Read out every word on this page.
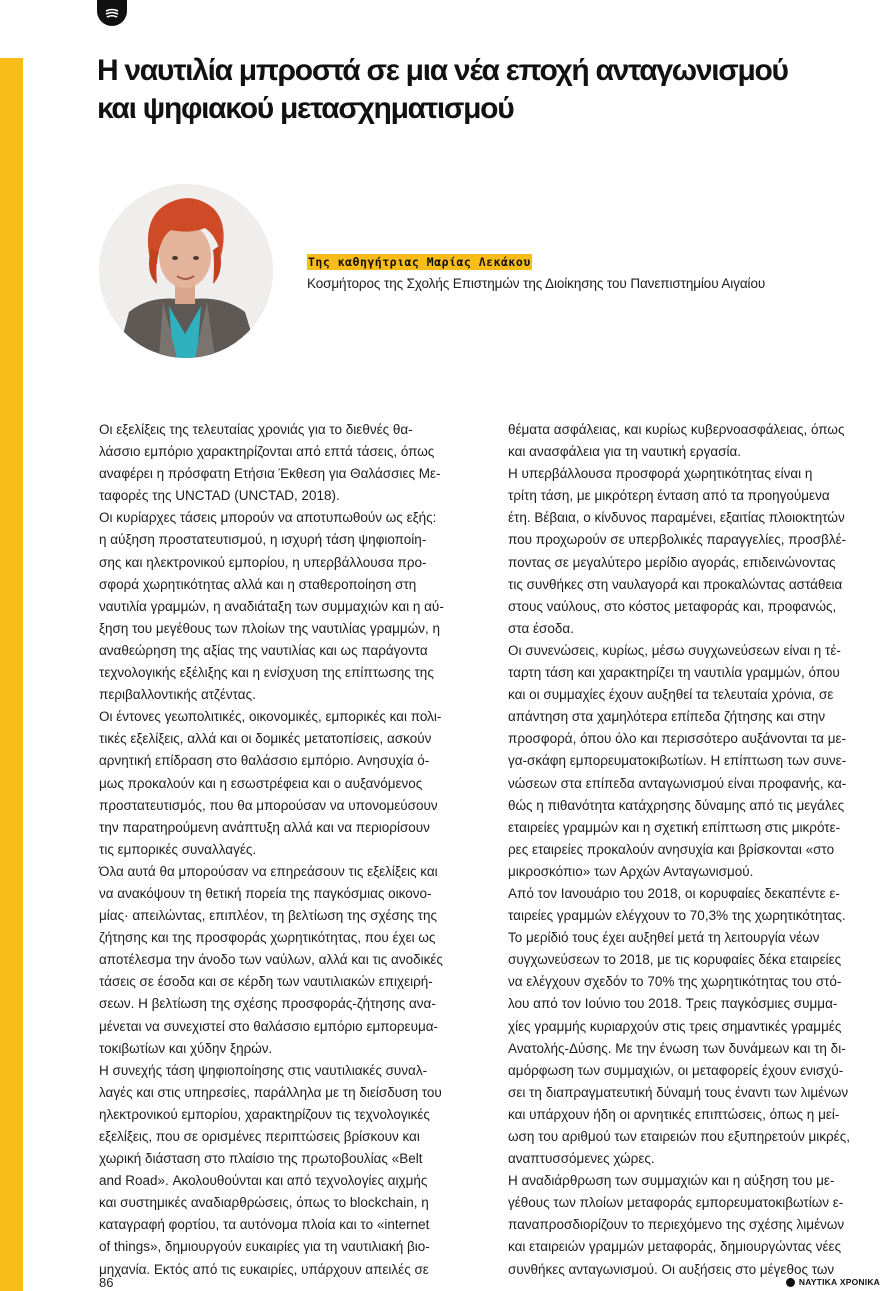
Η ναυτιλία μπροστά σε μια νέα εποχή ανταγωνισμού
και ψηφιακού μετασχηματισμού
Της καθηγήτριας Μαρίας Λεκάκου
Κοσμήτορος της Σχολής Επιστημών της Διοίκησης του Πανεπιστημίου Αιγαίου

Οι εξελίξεις της τελευταίας χρονιάς για το διεθνές θα-
λάσσιο εμπόριο χαρακτηρίζονται από επτά τάσεις, όπως
αναφέρει η πρόσφατη Ετήσια Έκθεση για Θαλάσσιες Με-
ταφορές της UNCTAD (UNCTAD, 2018).

Οι κυρίαρχες τάσεις μπορούν να αποτυπωθούν ως εξής:
η αύξηση προστατευτισμού, η ισχυρή τάση ψηφιοποίη-
σης και ηλεκτρονικού εμπορίου, η υπερβάλλουσα προ-
σφορά χωρητικότητας αλλά και η σταθεροποίηση στη
ναυτιλία γραμμών, η αναδιάταξη των συμμαχιών και η αύ-
ξηση του μεγέθους των πλοίων της ναυτιλίας γραμμών, η
αναθεώρηση της αξίας της ναυτιλίας και ως παράγοντα
τεχνολογικής εξέλιξης και η ενίσχυση της επίπτωσης της
περιβαλλοντικής ατζέντας.

Οι έντονες γεωπολιτικές, οικονομικές, εμπορικές και πολι-
τικές εξελίξεις, αλλά και οι δομικές μετατοπίσεις, ασκούν
αρνητική επίδραση στο θαλάσσιο εμπόριο. Ανησυχία ό-
μως προκαλούν και η εσωστρέφεια και ο αυξανόμενος
προστατευτισμός, που θα μπορούσαν να υπονομεύσουν
την παρατηρούμενη ανάπτυξη αλλά και να περιορίσουν
τις εμπορικές συναλλαγές.

Όλα αυτά θα μπορούσαν να επηρεάσουν τις εξελίξεις και
να ανακόψουν τη θετική πορεία της παγκόσμιας οικονο-
μίας· απειλώντας, επιπλέον, τη βελτίωση της σχέσης της
ζήτησης και της προσφοράς χωρητικότητας, που έχει ως
αποτέλεσμα την άνοδο των ναύλων, αλλά και τις ανοδικές
τάσεις σε έσοδα και σε κέρδη των ναυτιλιακών επιχειρή-
σεων. Η βελτίωση της σχέσης προσφοράς-ζήτησης ανα-
μένεται να συνεχιστεί στο θαλάσσιο εμπόριο εμπορευμα-
τοκιβωτίων και χύδην ξηρών.

Η συνεχής τάση ψηφιοποίησης στις ναυτιλιακές συναλ-
λαγές και στις υπηρεσίες, παράλληλα με τη διείσδυση του
ηλεκτρονικού εμπορίου, χαρακτηρίζουν τις τεχνολογικές
εξελίξεις, που σε ορισμένες περιπτώσεις βρίσκουν και
χωρική διάσταση στο πλαίσιο της πρωτοβουλίας «Belt
and Road». Ακολουθούνται και από τεχνολογίες αιχμής
και συστημικές αναδιαρθρώσεις, όπως το blockchain, η
καταγραφή φορτίου, τα αυτόνομα πλοία και το «internet
of things», δημιουργούν ευκαιρίες για τη ναυτιλιακή βιο-
μηχανία. Εκτός από τις ευκαιρίες, υπάρχουν απειλές σε

θέματα ασφάλειας, και κυρίως κυβερνοασφάλειας, όπως
και ανασφάλεια για τη ναυτική εργασία.

Η υπερβάλλουσα προσφορά χωρητικότητας είναι η
τρίτη τάση, με μικρότερη ένταση από τα προηγούμενα
έτη. Βέβαια, ο κίνδυνος παραμένει, εξαιτίας πλοιοκτητών
που προχωρούν σε υπερβολικές παραγγελίες, προσβλέ-
ποντας σε μεγαλύτερο μερίδιο αγοράς, επιδεινώνοντας
τις συνθήκες στη ναυλαγορά και προκαλώντας αστάθεια
στους ναύλους, στο κόστος μεταφοράς και, προφανώς,
στα έσοδα.

Οι συνενώσεις, κυρίως, μέσω συγχωνεύσεων είναι η τέ-
ταρτη τάση και χαρακτηρίζει τη ναυτιλία γραμμών, όπου
και οι συμμαχίες έχουν αυξηθεί τα τελευταία χρόνια, σε
απάντηση στα χαμηλότερα επίπεδα ζήτησης και στην
προσφορά, όπου όλο και περισσότερο αυξάνονται τα με-
γα-σκάφη εμπορευματοκιβωτίων. Η επίπτωση των συνε-
νώσεων στα επίπεδα ανταγωνισμού είναι προφανής, κα-
θώς η πιθανότητα κατάχρησης δύναμης από τις μεγάλες
εταιρείες γραμμών και η σχετική επίπτωση στις μικρότε-
ρες εταιρείες προκαλούν ανησυχία και βρίσκονται «στο
μικροσκόπιο» των Αρχών Ανταγωνισμού.

Από τον Ιανουάριο του 2018, οι κορυφαίες δεκαπέντε ε-
ταιρείες γραμμών ελέγχουν το 70,3% της χωρητικότητας.
Το μερίδιό τους έχει αυξηθεί μετά τη λειτουργία νέων
συγχωνεύσεων το 2018, με τις κορυφαίες δέκα εταιρείες
να ελέγχουν σχεδόν το 70% της χωρητικότητας του στό-
λου από τον Ιούνιο του 2018. Τρεις παγκόσμιες συμμα-
χίες γραμμής κυριαρχούν στις τρεις σημαντικές γραμμές
Ανατολής-Δύσης. Με την ένωση των δυνάμεων και τη δι-
αμόρφωση των συμμαχιών, οι μεταφορείς έχουν ενισχύ-
σει τη διαπραγματευτική δύναμή τους έναντι των λιμένων
και υπάρχουν ήδη οι αρνητικές επιπτώσεις, όπως η μεί-
ωση του αριθμού των εταιρειών που εξυπηρετούν μικρές,
αναπτυσσόμενες χώρες.

Η αναδιάρθρωση των συμμαχιών και η αύξηση του με-
γέθους των πλοίων μεταφοράς εμπορευματοκιβωτίων ε-
παναπροσδιορίζουν το περιεχόμενο της σχέσης λιμένων
και εταιρειών γραμμών μεταφοράς, δημιουργώντας νέες
συνθήκες ανταγωνισμού. Οι αυξήσεις στο μέγεθος των

86	ΝΑΥΤΙΚΑ ΧΡΟΝΙΚΑ
